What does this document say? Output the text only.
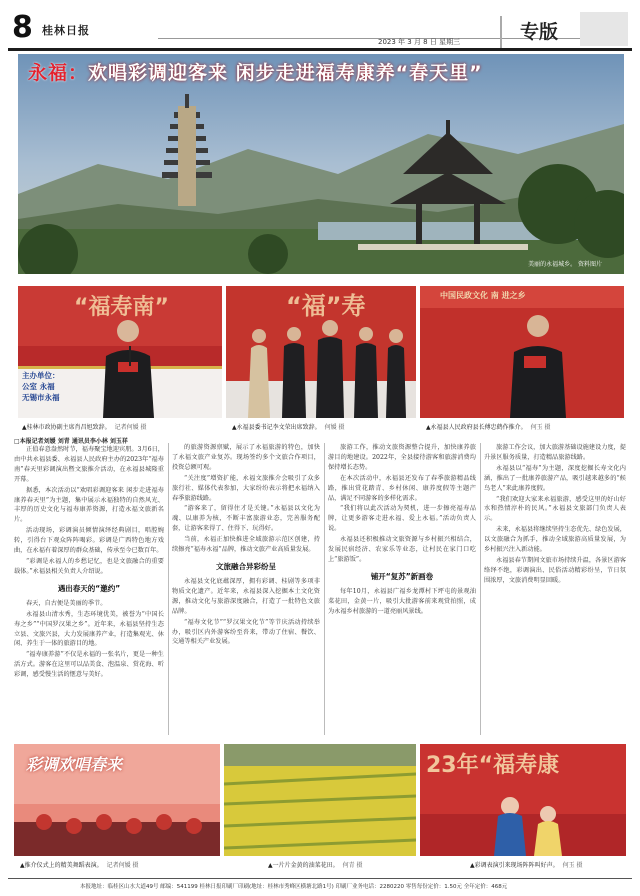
8 桂林日报
2023 年 3 月 8 日 星期三	专版
永福：欢唱彩调迎客来 闲步走进福寿康养“春天里”
美丽的永福城乡。 资料图片
“福寿南”
主办单位：
公室 永福
无锡市永福
▲桂林市政协副主席肖昌旭致辞。 记者何媛 摄
“福”寿
▲永福县委书记李文荣出席致辞。 何媛 摄
中国民政文化 南 进之乡
▲永福县人民政府县长傅忠鹤作推介。 何玉 摄
□本报记者刘媛 刘青 通讯员李小林 刘玉祥
正值春意盎然时节，福寿聚宝地迎宾朋。3月6日，由中共永福县委、永福县人民政府主办的2023年“福寿南”春天里彩调演出暨文旅推介活动，在永福县城隆重开幕。
据悉，本次活动以“欢唱彩调迎客来 闲步走进福寿康养春天里”为主题，集中展示永福独特的自然风光、丰厚的历史文化与福寿康养资源，打造永福文旅新名片。
活动现场，彩调演员倾情演绎经典剧目，唱腔婉转，引得台下观众阵阵喝彩。彩调是广西特色地方戏曲，在永福有着深厚的群众基础，传承至今已数百年。
“彩调是永福人的乡愁记忆，也是文旅融合的重要载体。”永福县相关负责人介绍说。
遇出春天的“邀约”
春天，自古便是美丽的季节。
永福县山清水秀，生态环境优美，被誉为“中国长寿之乡”“中国罗汉果之乡”。近年来，永福县坚持生态立县、文旅兴县，大力发展康养产业，打造集观光、休闲、养生于一体的旅游目的地。
“福寿康养游”不仅是永福的一张名片，更是一种生活方式。游客在这里可以品美食、泡温泉、赏花海、听彩调，感受慢生活的惬意与美好。
的旅游资源禀赋，展示了永福旅游的特色，加快了永福文旅产业复苏。现场签约多个文旅合作项目，投资总额可观。
“关注度”增资扩能，永福文旅推介会吸引了众多旅行社、媒体代表参加，大家纷纷表示将把永福纳入春季旅游线路。
“游客来了，留得住才是关键。”永福县以文化为魂、以康养为核，不断丰富旅游业态，完善服务配套，让游客来得了、住得下、玩得好。
当前，永福正加快推进全域旅游示范区创建，持续擦亮“福寿永福”品牌，推动文旅产业高质量发展。
文旅融合异彩纷呈
永福县文化底蕴深厚，拥有彩调、桂剧等多项非物质文化遗产。近年来，永福县深入挖掘本土文化资源，推动文化与旅游深度融合，打造了一批特色文旅品牌。
“福寿文化节”“罗汉果文化节”等节庆活动持续举办，吸引区内外游客纷至沓来，带动了住宿、餐饮、交通等相关产业发展。
旅游工作，推动文旅资源整合提升，加快康养旅游目的地建设。2022年，全县接待游客和旅游消费均保持增长态势。
在本次活动中，永福县还发布了春季旅游精品线路，推出赏花踏青、乡村休闲、康养度假等主题产品，满足不同游客的多样化需求。
“我们将以此次活动为契机，进一步擦亮福寿品牌，让更多游客走进永福、爱上永福。”活动负责人说。
永福县还积极推动文旅资源与乡村振兴相结合，发展民宿经济、农家乐等业态，让村民在家门口吃上“旅游饭”。
铺开“复苏”新画卷
每年10月，永福县广福乡龙潭村下坪屯的景观油菜花田，金黄一片，吸引大批游客前来观赏拍照，成为永福乡村旅游的一道亮丽风景线。
旅游工作会议，加大旅游基础设施建设力度，提升景区服务质量，打造精品旅游线路。
永福县以“福寿”为主题，深度挖掘长寿文化内涵，推出了一批康养旅游产品，吸引越来越多的“候鸟老人”来此康养度假。
“我们欢迎大家来永福旅游，感受这里的好山好水和热情淳朴的民风。”永福县文旅部门负责人表示。
未来，永福县将继续坚持生态优先、绿色发展，以文旅融合为抓手，推动全域旅游高质量发展，为乡村振兴注入新动能。
永福县春节期间文旅市场持续升温，各景区游客络绎不绝，彩调演出、民俗活动精彩纷呈，节日氛围浓厚，文旅消费明显回暖。
彩调欢唱春来
▲推介仪式上的精美舞蹈表演。 记者何媛 摄	▲一片片金黄的油菜花田。 何青 摄
23年“福寿康
▲彩调表演引来现场阵阵叫好声。 何玉 摄
本报地址：临桂区山水大道49号 邮编：541199 桂林日报印刷厂印刷(地址：桂林市秀峰区横塘北路1号) 印刷厂业务电话：2280220 零售每份定价：1.50元 全年定价：468元
